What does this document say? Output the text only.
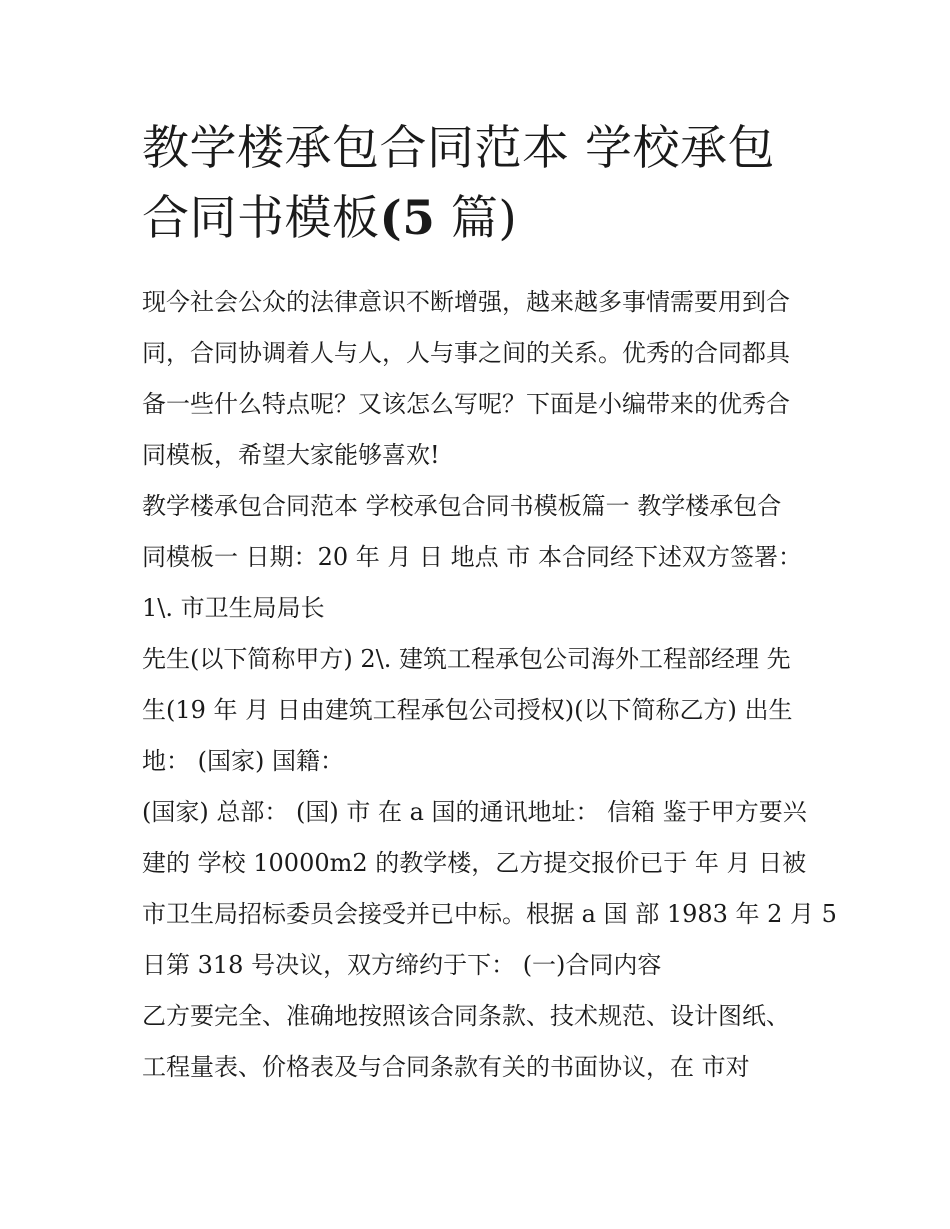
教学楼承包合同范本 学校承包
合同书模板(5 篇)
现今社会公众的法律意识不断增强，越来越多事情需要用到合
同，合同协调着人与人，人与事之间的关系。优秀的合同都具
备一些什么特点呢？又该怎么写呢？下面是小编带来的优秀合
同模板，希望大家能够喜欢!
教学楼承包合同范本 学校承包合同书模板篇一 教学楼承包合
同模板一 日期：20 年 月 日 地点 市 本合同经下述双方签署：
1\. 市卫生局局长
先生(以下简称甲方) 2\. 建筑工程承包公司海外工程部经理 先
生(19 年 月 日由建筑工程承包公司授权)(以下简称乙方) 出生
地： (国家) 国籍：
(国家) 总部： (国) 市 在 a 国的通讯地址： 信箱 鉴于甲方要兴
建的 学校 10000m2 的教学楼，乙方提交报价已于 年 月 日被
市卫生局招标委员会接受并已中标。根据 a 国 部 1983 年 2 月 5
日第 318 号决议，双方缔约于下： (一)合同内容
乙方要完全、准确地按照该合同条款、技术规范、设计图纸、
工程量表、价格表及与合同条款有关的书面协议，在 市对
